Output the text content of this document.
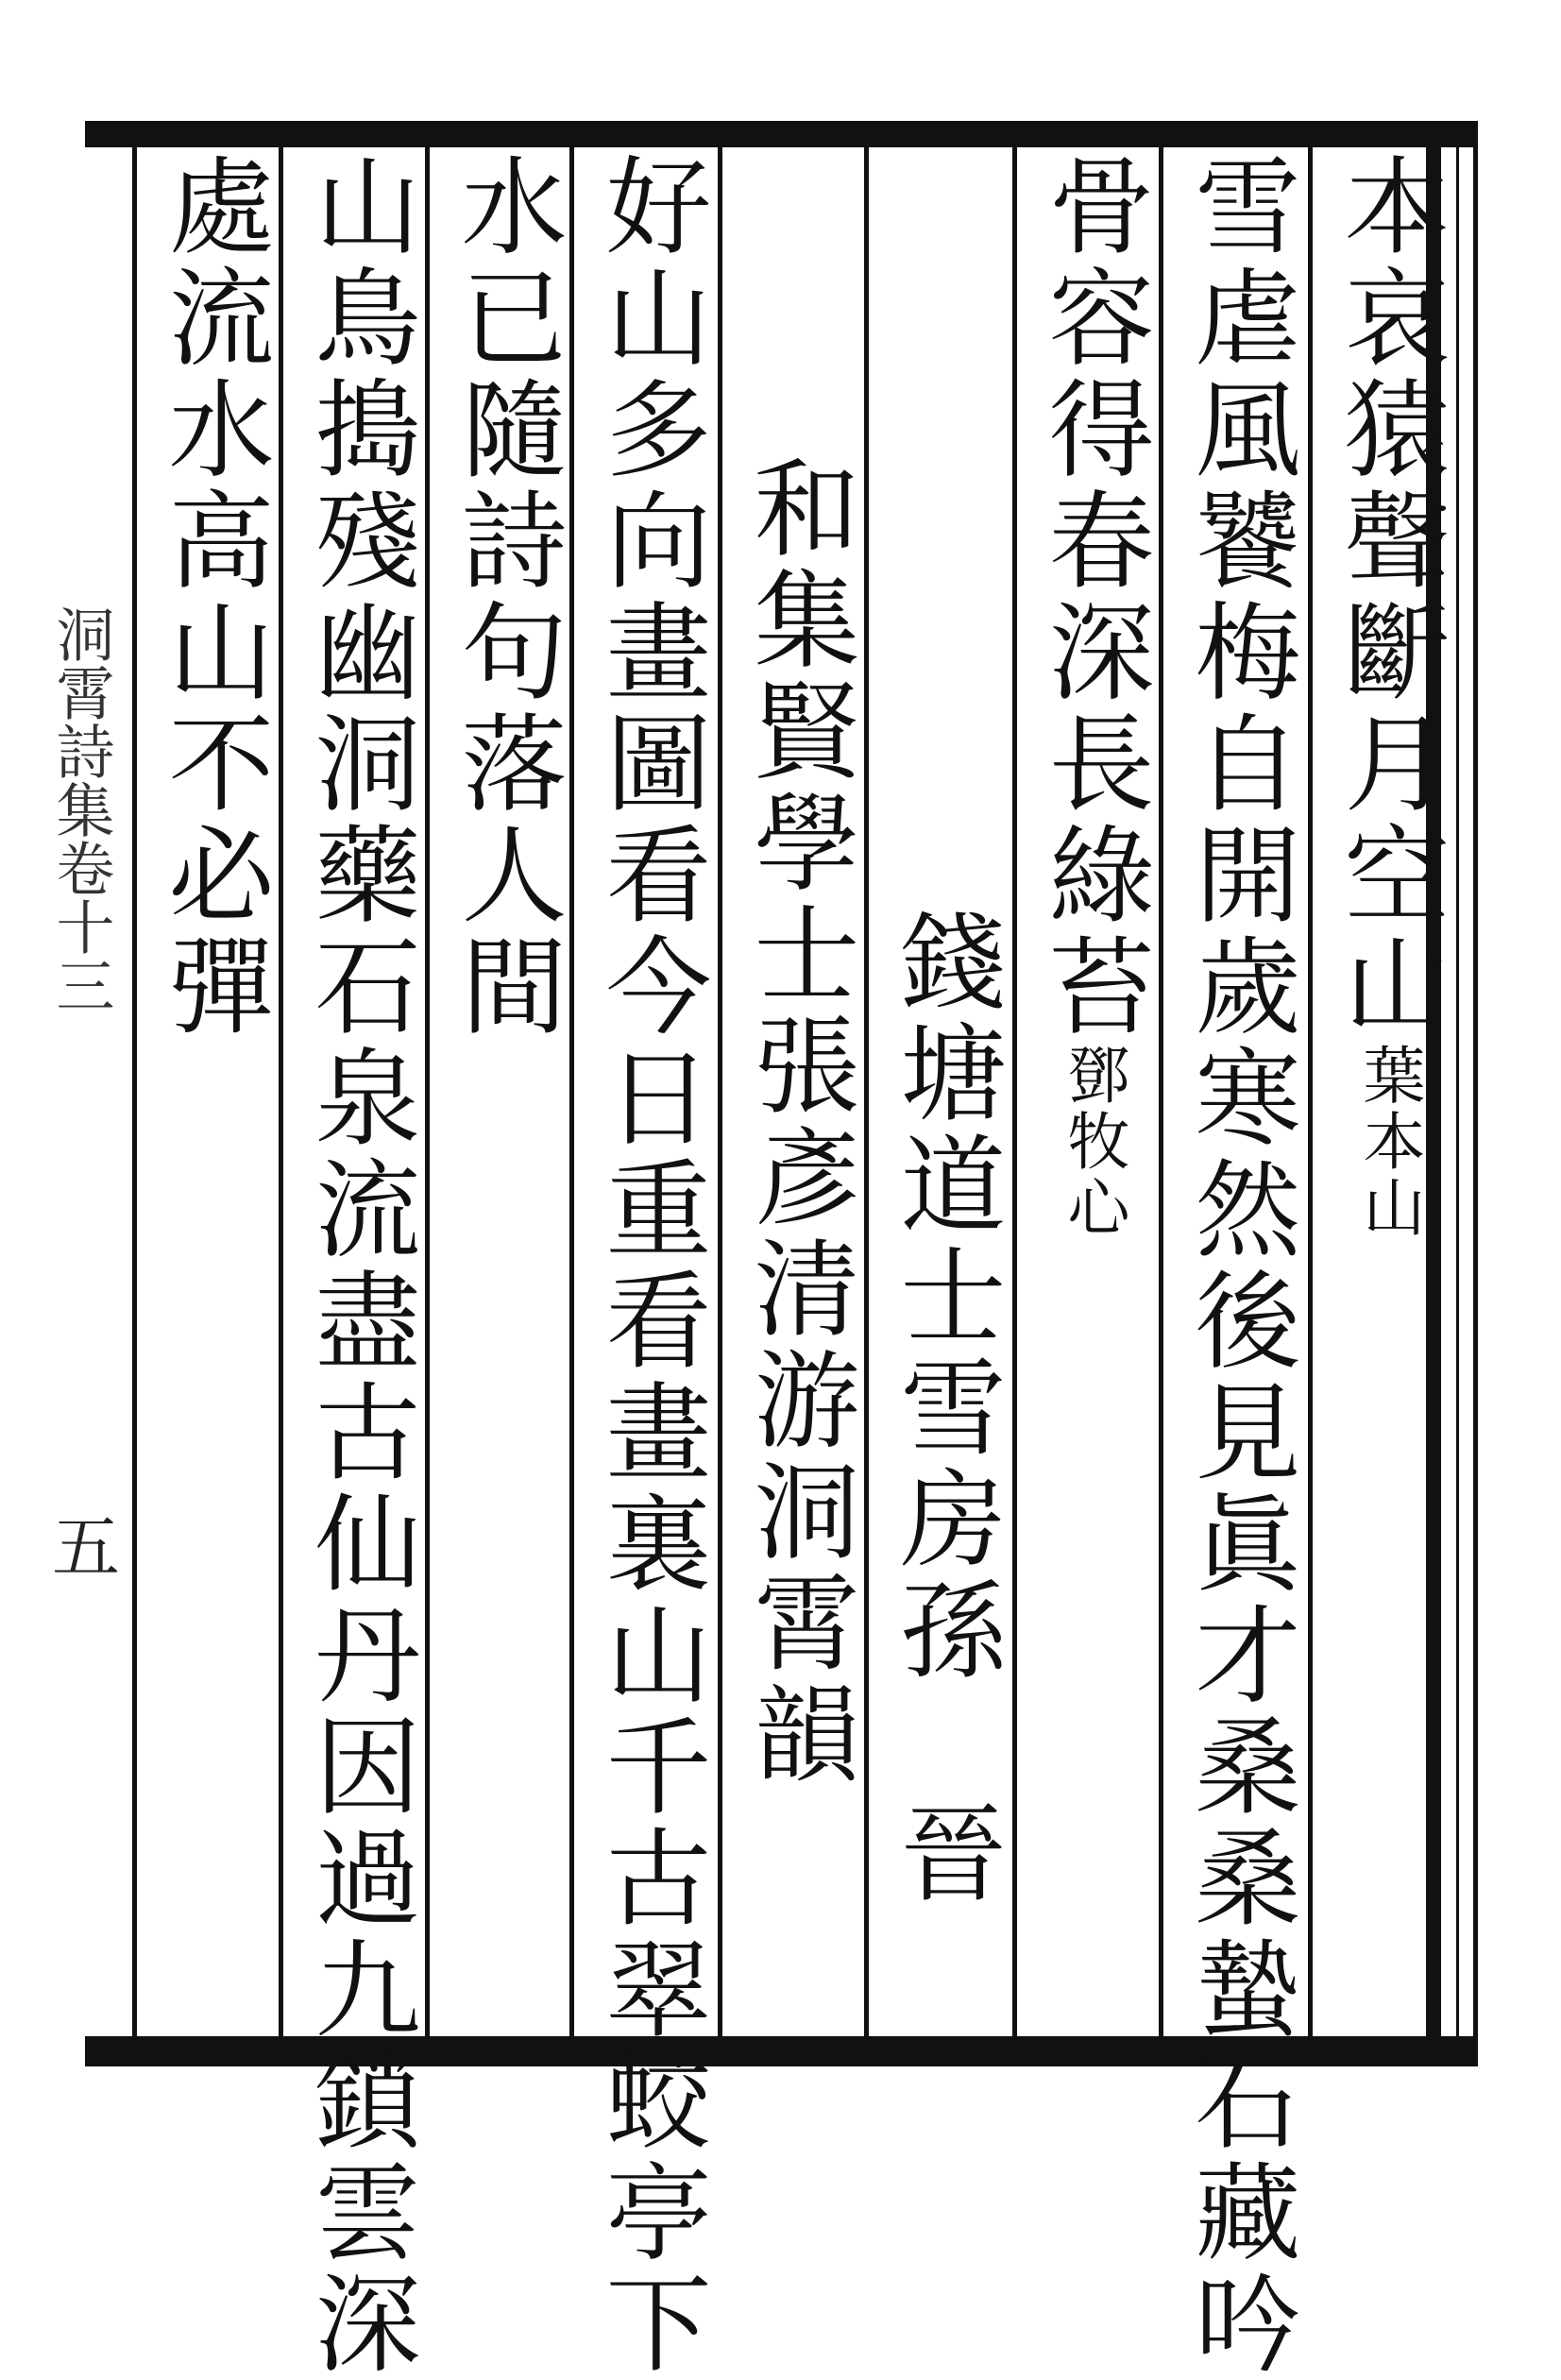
本哀猿聲斷月空山葉本山
雪虐風饕梅自開歲寒然後見眞才桑桑蟄石藏吟
骨容得春深長綠苔鄧牧心
錢塘道士雪房孫　晉
和集賢學士張彥清游洞霄韻
好山多向畫圖看今日重看畫裏山千古翠蛟亭下
水已隨詩句落人間
山鳥搗殘幽洞藥石泉流盡古仙丹因過九鎖雲深
處流水高山不必彈
洞霄詩集卷十三
五
